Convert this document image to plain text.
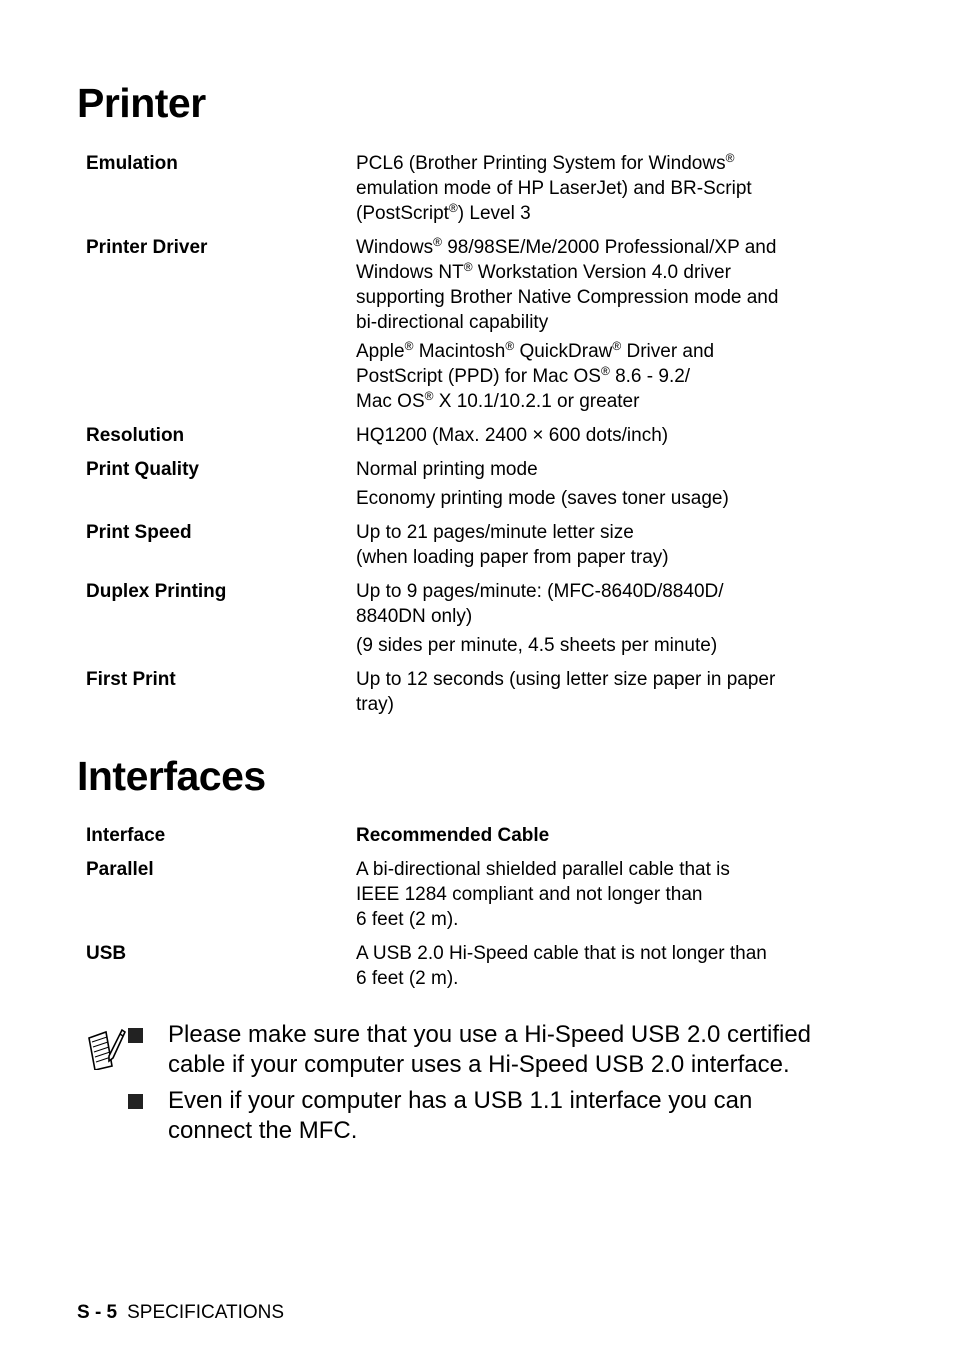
Printer
Emulation	PCL6 (Brother Printing System for Windows®
emulation mode of HP LaserJet) and BR-Script
(PostScript®) Level 3
Printer Driver	Windows® 98/98SE/Me/2000 Professional/XP and
Windows NT® Workstation Version 4.0 driver
supporting Brother Native Compression mode and
bi-directional capability
Apple® Macintosh® QuickDraw® Driver and
PostScript (PPD) for Mac OS® 8.6 - 9.2/
Mac OS® X 10.1/10.2.1 or greater
Resolution	HQ1200 (Max. 2400 × 600 dots/inch)
Print Quality	Normal printing mode
Economy printing mode (saves toner usage)
Print Speed	Up to 21 pages/minute letter size
(when loading paper from paper tray)
Duplex Printing	Up to 9 pages/minute: (MFC-8640D/8840D/
8840DN only)
(9 sides per minute, 4.5 sheets per minute)
First Print	Up to 12 seconds (using letter size paper in paper
tray)
Interfaces
Interface	Recommended Cable
Parallel	A bi-directional shielded parallel cable that is
IEEE 1284 compliant and not longer than
6 feet (2 m).
USB	A USB 2.0 Hi-Speed cable that is not longer than
6 feet (2 m).
Please make sure that you use a Hi-Speed USB 2.0 certified
cable if your computer uses a Hi-Speed USB 2.0 interface.
Even if your computer has a USB 1.1 interface you can
connect the MFC.
S - 5 SPECIFICATIONS
